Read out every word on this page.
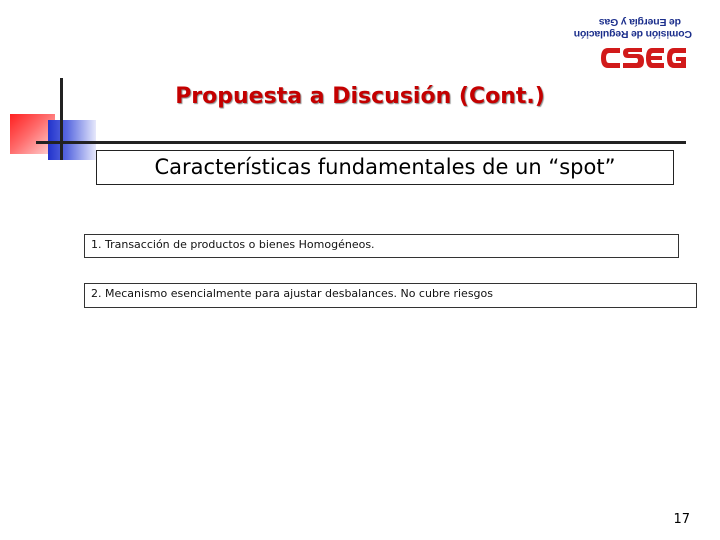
Comisión de Regulación
de Energía y Gas
Propuesta a Discusión (Cont.)
Características fundamentales de un “spot”
1. Transacción de productos o bienes Homogéneos.
2. Mecanismo esencialmente para ajustar desbalances. No cubre riesgos
17
